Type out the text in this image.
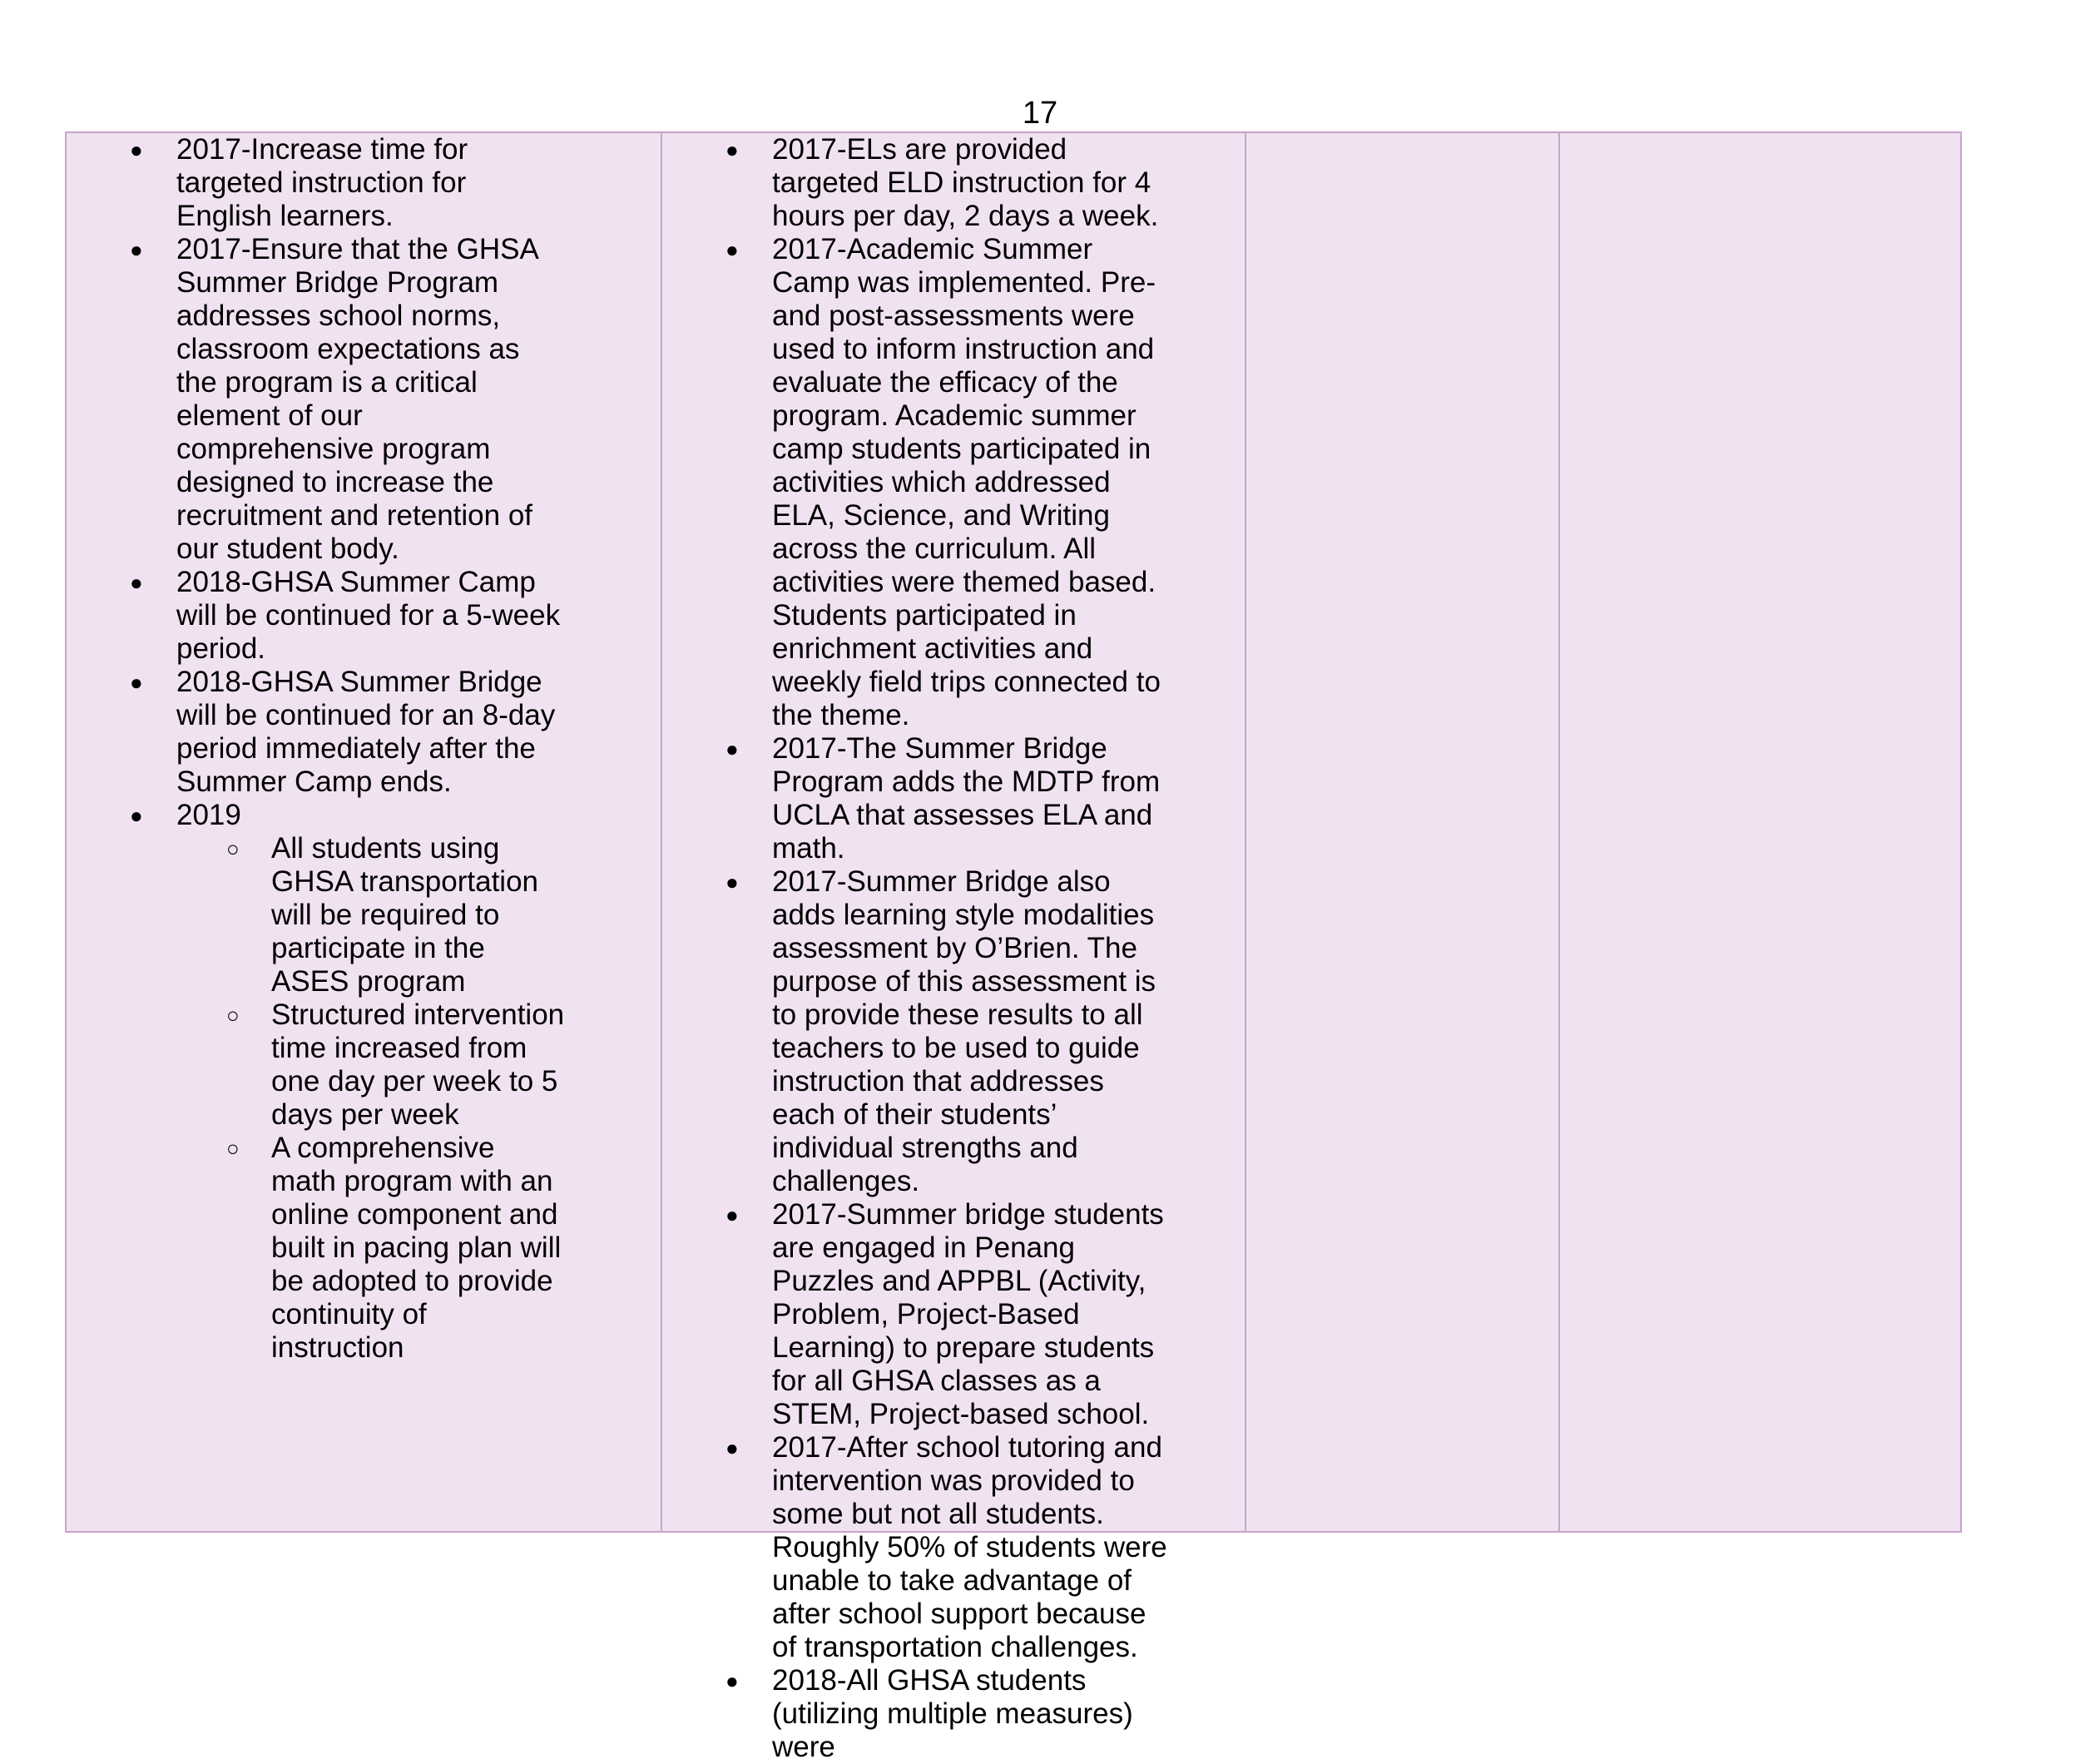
17
● 2017-Increase time for targeted instruction for English learners.
● 2017-Ensure that the GHSA Summer Bridge Program addresses school norms, classroom expectations as the program is a critical element of our comprehensive program designed to increase the recruitment and retention of our student body.
● 2018-GHSA Summer Camp will be continued for a 5-week period.
● 2018-GHSA Summer Bridge will be continued for an 8-day period immediately after the Summer Camp ends.
● 2019
○ All students using GHSA transportation will be required to participate in the ASES program
○ Structured intervention time increased from one day per week to 5 days per week
○ A comprehensive math program with an online component and built in pacing plan will be adopted to provide continuity of instruction
● 2017-ELs are provided targeted ELD instruction for 4 hours per day, 2 days a week.
● 2017-Academic Summer Camp was implemented. Pre- and post-assessments were used to inform instruction and evaluate the efficacy of the program. Academic summer camp students participated in activities which addressed ELA, Science, and Writing across the curriculum. All activities were themed based. Students participated in enrichment activities and weekly field trips connected to the theme.
● 2017-The Summer Bridge Program adds the MDTP from UCLA that assesses ELA and math.
● 2017-Summer Bridge also adds learning style modalities assessment by O’Brien. The purpose of this assessment is to provide these results to all teachers to be used to guide instruction that addresses each of their students’ individual strengths and challenges.
● 2017-Summer bridge students are engaged in Penang Puzzles and APPBL (Activity, Problem, Project-Based Learning) to prepare students for all GHSA classes as a STEM, Project-based school.
● 2017-After school tutoring and intervention was provided to some but not all students. Roughly 50% of students were unable to take advantage of after school support because of transportation challenges.
● 2018-All GHSA students (utilizing multiple measures) were
